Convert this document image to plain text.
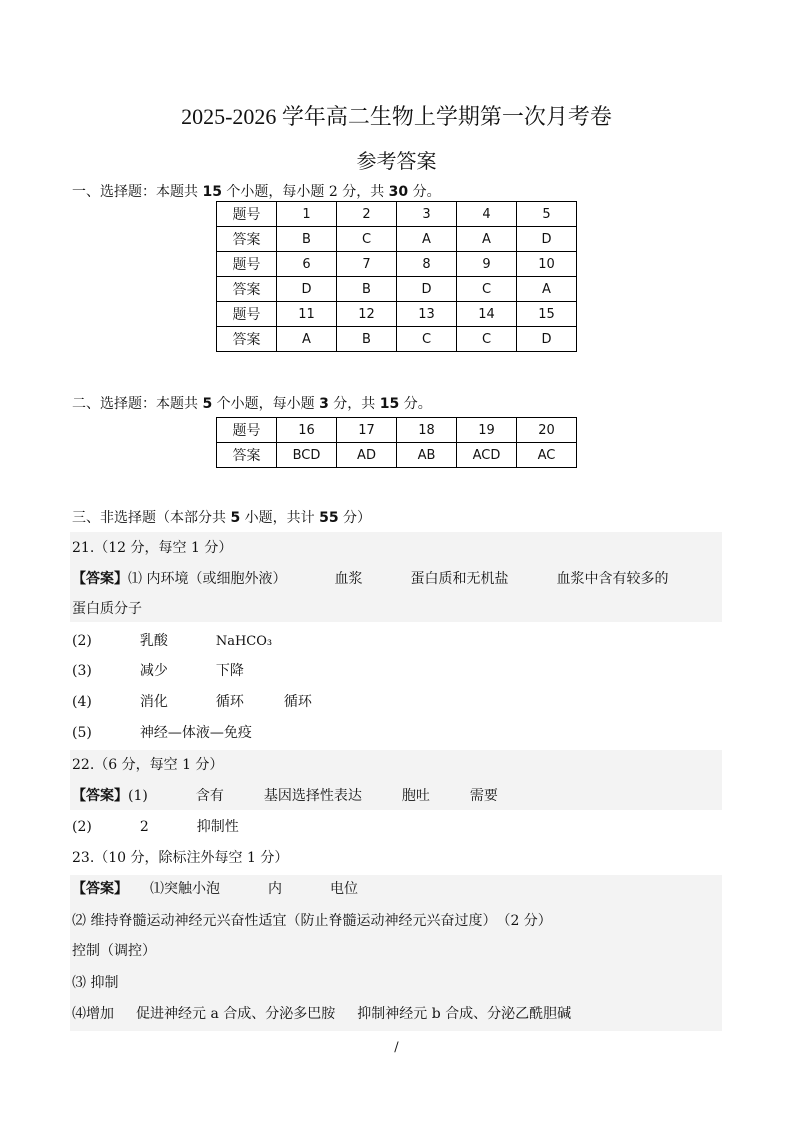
2025-2026 学年高二生物上学期第一次月考卷
参考答案
一、选择题：本题共 15 个小题，每小题 2 分，共 30 分。
题号	1	2	3	4	5
答案	B	C	A	A	D
题号	6	7	8	9	10
答案	D	B	D	C	A
题号	11	12	13	14	15
答案	A	B	C	C	D
二、选择题：本题共 5 个小题，每小题 3 分，共 15 分。
题号	16	17	18	19	20
答案	BCD	AD	AB	ACD	AC
三、非选择题（本部分共 5 小题，共计 55 分）
21.（12 分，每空 1 分）
【答案】⑴ 内环境（或细胞外液）	血浆	蛋白质和无机盐	血浆中含有较多的
蛋白质分子
(2)	乳酸	NaHCO₃
(3)	减少	下降
(4)	消化	循环	循环
(5)	神经—体液—免疫
22.（6 分，每空 1 分）
【答案】(1)	含有	基因选择性表达	胞吐	需要
(2)	2	抑制性
23.（10 分，除标注外每空 1 分）
【答案】 ⑴突触小泡	内	电位
⑵ 维持脊髓运动神经元兴奋性适宜（防止脊髓运动神经元兴奋过度）　（2 分）
控制（调控）
⑶ 抑制
⑷增加 促进神经元 a 合成、分泌多巴胺 抑制神经元 b 合成、分泌乙酰胆碱
/
